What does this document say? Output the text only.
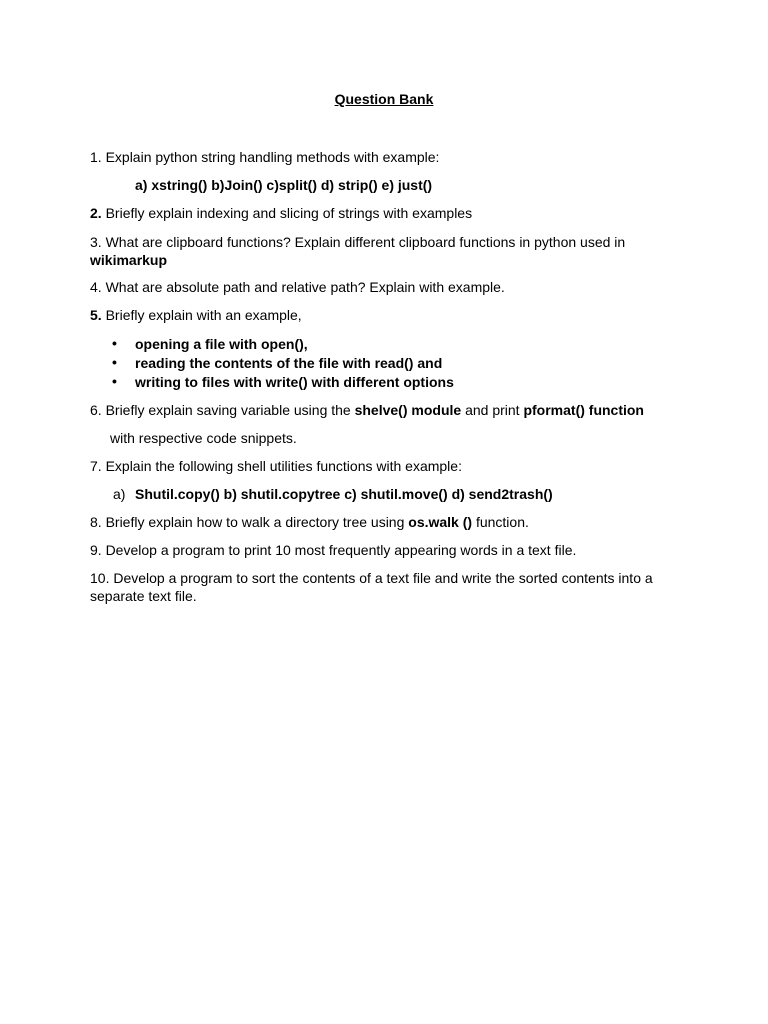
Question Bank
1. Explain python string handling methods with example:
a) xstring() b)Join() c)split() d) strip() e) just()
2. Briefly explain indexing and slicing of strings with examples
3. What are clipboard functions? Explain different clipboard functions in python used in
wikimarkup
4. What are absolute path and relative path? Explain with example.
5. Briefly explain with an example,
• opening a file with open(),
• reading the contents of the file with read() and
• writing to files with write() with different options
6. Briefly explain saving variable using the shelve() module and print pformat() function
with respective code snippets.
7. Explain the following shell utilities functions with example:
a) Shutil.copy() b) shutil.copytree c) shutil.move() d) send2trash()
8. Briefly explain how to walk a directory tree using os.walk () function.
9. Develop a program to print 10 most frequently appearing words in a text file.
10. Develop a program to sort the contents of a text file and write the sorted contents into a
separate text file.
